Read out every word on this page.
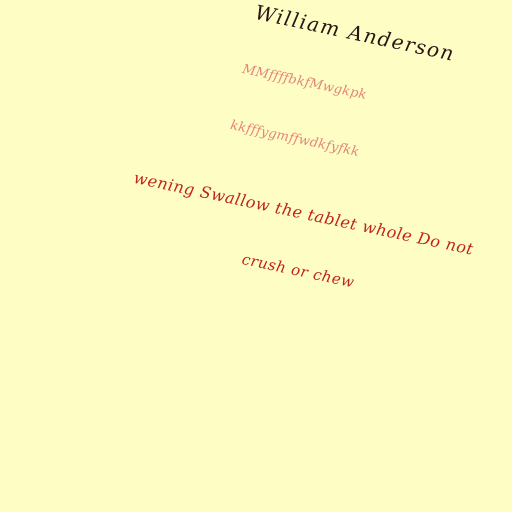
William Anderson
MMffffbkfMwgkpk
kkfffygmffwdkfyfkk
wening Swallow the tablet whole Do not
crush or chew
